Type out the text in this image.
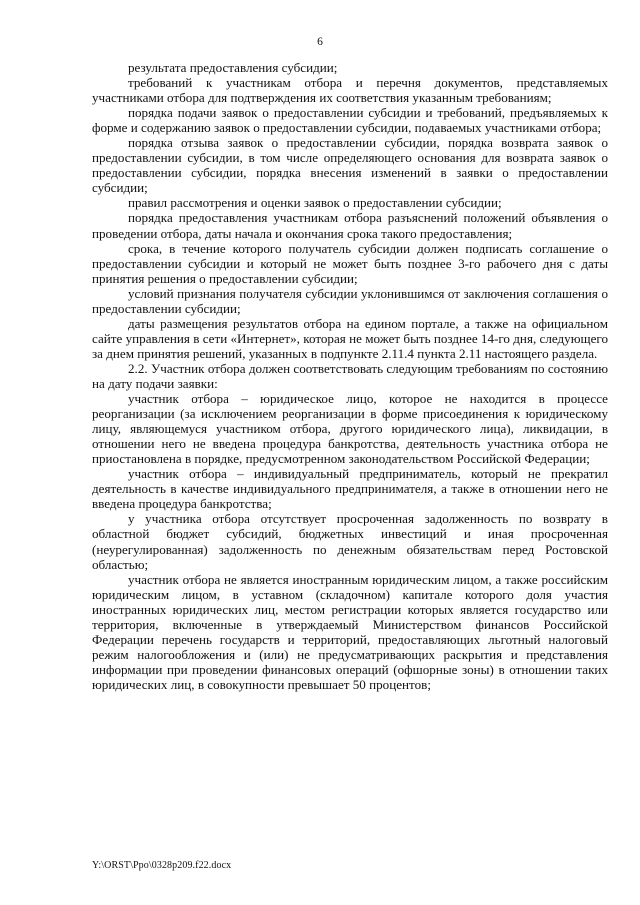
6

результата предоставления субсидии;

требований к участникам отбора и перечня документов, представляемых участниками отбора для подтверждения их соответствия указанным требованиям;

порядка подачи заявок о предоставлении субсидии и требований, предъявляемых к форме и содержанию заявок о предоставлении субсидии, подаваемых участниками отбора;

порядка отзыва заявок о предоставлении субсидии, порядка возврата заявок о предоставлении субсидии, в том числе определяющего основания для возврата заявок о предоставлении субсидии, порядка внесения изменений в заявки о предоставлении субсидии;

правил рассмотрения и оценки заявок о предоставлении субсидии;

порядка предоставления участникам отбора разъяснений положений объявления о проведении отбора, даты начала и окончания срока такого предоставления;

срока, в течение которого получатель субсидии должен подписать соглашение о предоставлении субсидии и который не может быть позднее 3-го рабочего дня с даты принятия решения о предоставлении субсидии;

условий признания получателя субсидии уклонившимся от заключения соглашения о предоставлении субсидии;

даты размещения результатов отбора на едином портале, а также на официальном сайте управления в сети «Интернет», которая не может быть позднее 14-го дня, следующего за днем принятия решений, указанных в подпункте 2.11.4 пункта 2.11 настоящего раздела.

2.2. Участник отбора должен соответствовать следующим требованиям по состоянию на дату подачи заявки:

участник отбора – юридическое лицо, которое не находится в процессе реорганизации (за исключением реорганизации в форме присоединения к юридическому лицу, являющемуся участником отбора, другого юридического лица), ликвидации, в отношении него не введена процедура банкротства, деятельность участника отбора не приостановлена в порядке, предусмотренном законодательством Российской Федерации;

участник отбора – индивидуальный предприниматель, который не прекратил деятельность в качестве индивидуального предпринимателя, а также в отношении него не введена процедура банкротства;

у участника отбора отсутствует просроченная задолженность по возврату в областной бюджет субсидий, бюджетных инвестиций и иная просроченная (неурегулированная) задолженность по денежным обязательствам перед Ростовской областью;

участник отбора не является иностранным юридическим лицом, а также российским юридическим лицом, в уставном (складочном) капитале которого доля участия иностранных юридических лиц, местом регистрации которых является государство или территория, включенные в утверждаемый Министерством финансов Российской Федерации перечень государств и территорий, предоставляющих льготный налоговый режим налогообложения и (или) не предусматривающих раскрытия и представления информации при проведении финансовых операций (офшорные зоны) в отношении таких юридических лиц, в совокупности превышает 50 процентов;

Y:\ORST\Ppo\0328p209.f22.docx
